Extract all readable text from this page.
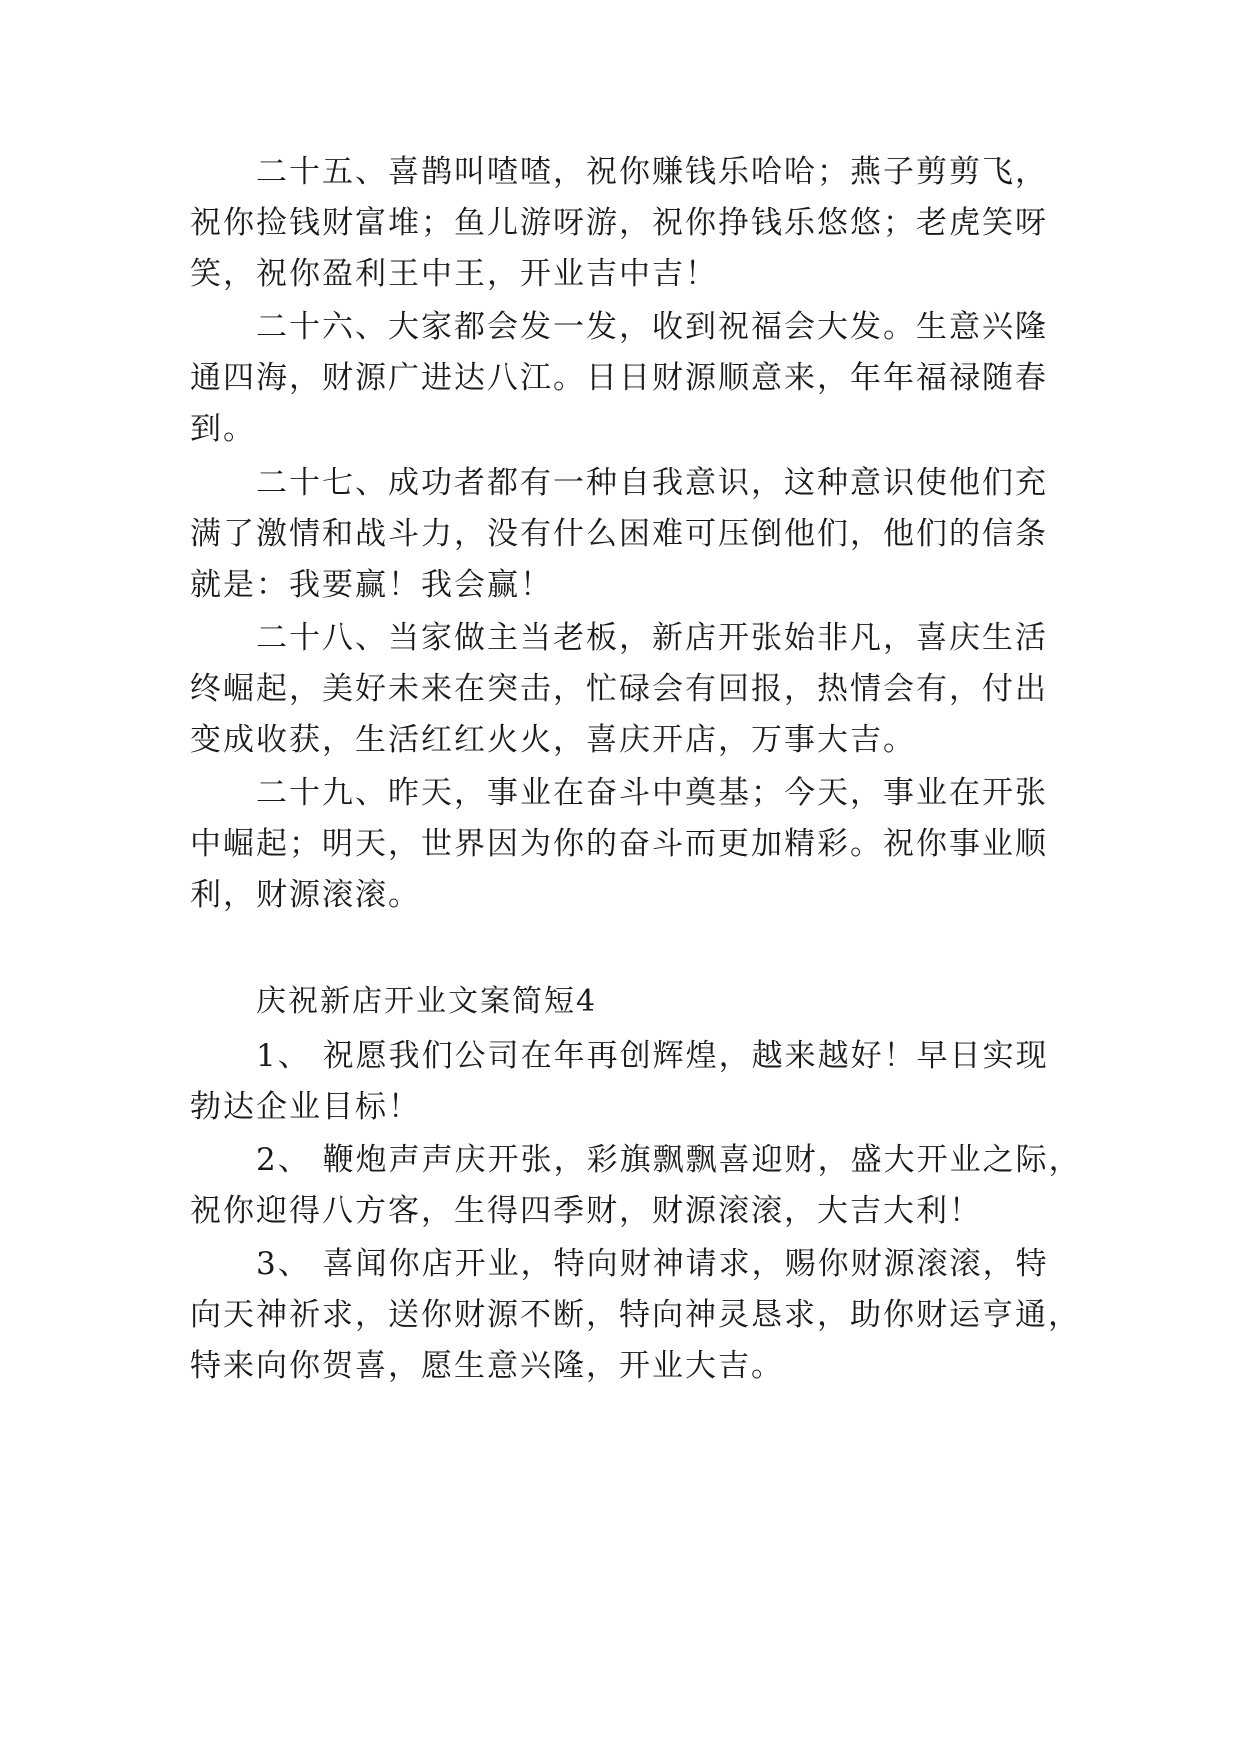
二十五、喜鹊叫喳喳，祝你赚钱乐哈哈；燕子剪剪飞，

祝你捡钱财富堆；鱼儿游呀游，祝你挣钱乐悠悠；老虎笑呀

笑，祝你盈利王中王，开业吉中吉！

二十六、大家都会发一发，收到祝福会大发。生意兴隆

通四海，财源广进达八江。日日财源顺意来，年年福禄随春

到。

二十七、成功者都有一种自我意识，这种意识使他们充

满了激情和战斗力，没有什么困难可压倒他们，他们的信条

就是：我要赢！我会赢！

二十八、当家做主当老板，新店开张始非凡，喜庆生活

终崛起，美好未来在突击，忙碌会有回报，热情会有，付出

变成收获，生活红红火火，喜庆开店，万事大吉。

二十九、昨天，事业在奋斗中奠基；今天，事业在开张

中崛起；明天，世界因为你的奋斗而更加精彩。祝你事业顺

利，财源滚滚。

庆祝新店开业文案简短4

1、 祝愿我们公司在年再创辉煌，越来越好！早日实现

勃达企业目标！

2、 鞭炮声声庆开张，彩旗飘飘喜迎财，盛大开业之际，

祝你迎得八方客，生得四季财，财源滚滚，大吉大利！

3、 喜闻你店开业，特向财神请求，赐你财源滚滚，特

向天神祈求，送你财源不断，特向神灵恳求，助你财运亨通，

特来向你贺喜，愿生意兴隆，开业大吉。
